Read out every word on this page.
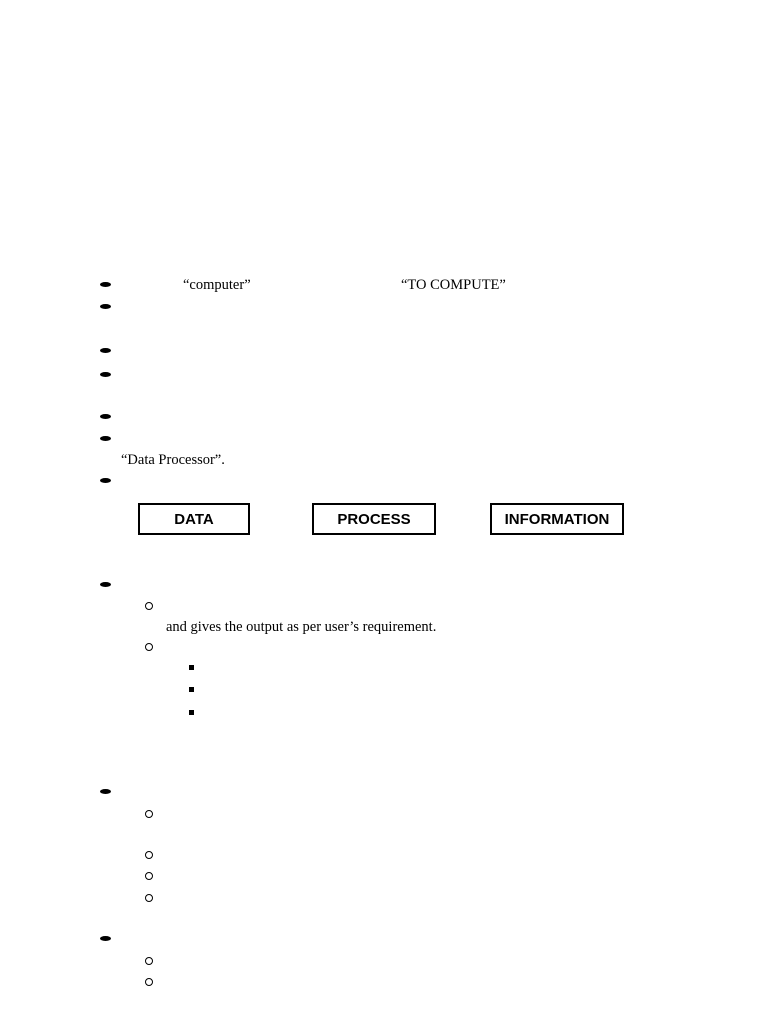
“computer”	“TO COMPUTE”
“Data Processor”.
DATA	PROCESS	INFORMATION
and gives the output as per user’s requirement.
